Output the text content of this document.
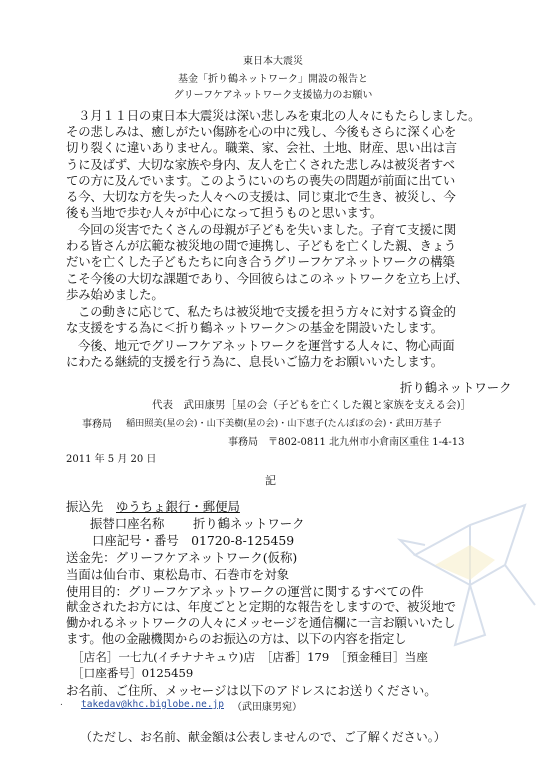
東日本大震災
基金「折り鶴ネットワーク」開設の報告と
グリーフケアネットワーク支援協力のお願い
３月１１日の東日本大震災は深い悲しみを東北の人々にもたらしました。
その悲しみは、癒しがたい傷跡を心の中に残し、今後もさらに深く心を
切り裂くに違いありません。職業、家、会社、土地、財産、思い出は言
うに及ばず、大切な家族や身内、友人を亡くされた悲しみは被災者すべ
ての方に及んでいます。このようにいのちの喪失の問題が前面に出てい
る今、大切な方を失った人々への支援は、同じ東北で生き、被災し、今
後も当地で歩む人々が中心になって担うものと思います。
今回の災害でたくさんの母親が子どもを失いました。子育て支援に関
わる皆さんが広範な被災地の間で連携し、子どもを亡くした親、きょう
だいを亡くした子どもたちに向き合うグリーフケアネットワークの構築
こそ今後の大切な課題であり、今回彼らはこのネットワークを立ち上げ、
歩み始めました。
この動きに応じて、私たちは被災地で支援を担う方々に対する資金的
な支援をする為に＜折り鶴ネットワーク＞の基金を開設いたします。
今後、地元でグリーフケアネットワークを運営する人々に、物心両面
にわたる継続的支援を行う為に、息長いご協力をお願いいたします。
折り鶴ネットワーク
代表　武田康男［星の会（子どもを亡くした親と家族を支える会)］
事務局 稲田照美(星の会)・山下美樹(星の会)・山下恵子(たんぽぽの会)・武田万基子
事務局　〒802-0811 北九州市小倉南区重住 1-4-13
2011 年 5 月 20 日
記
振込先 ゆうちょ銀行・郵便局
振替口座名称 折り鶴ネットワーク
口座記号・番号　01720-8-125459
送金先：グリーフケアネットワーク(仮称)
当面は仙台市、東松島市、石巻市を対象
使用目的：グリーフケアネットワークの運営に関するすべての件
献金されたお方には、年度ごとと定期的な報告をしますので、被災地で
働かれるネットワークの人々にメッセージを通信欄に一言お願いいたし
ます。他の金融機関からのお振込の方は、以下の内容を指定し
［店名］一七九(イチナナキュウ)店　［店番］179　［預金種目］当座
［口座番号］0125459
お名前、ご住所、メッセージは以下のアドレスにお送りください。
. takedav@khc.biglobe.ne.jp （武田康男宛）
（ただし、お名前、献金額は公表しませんので、ご了解ください。）
